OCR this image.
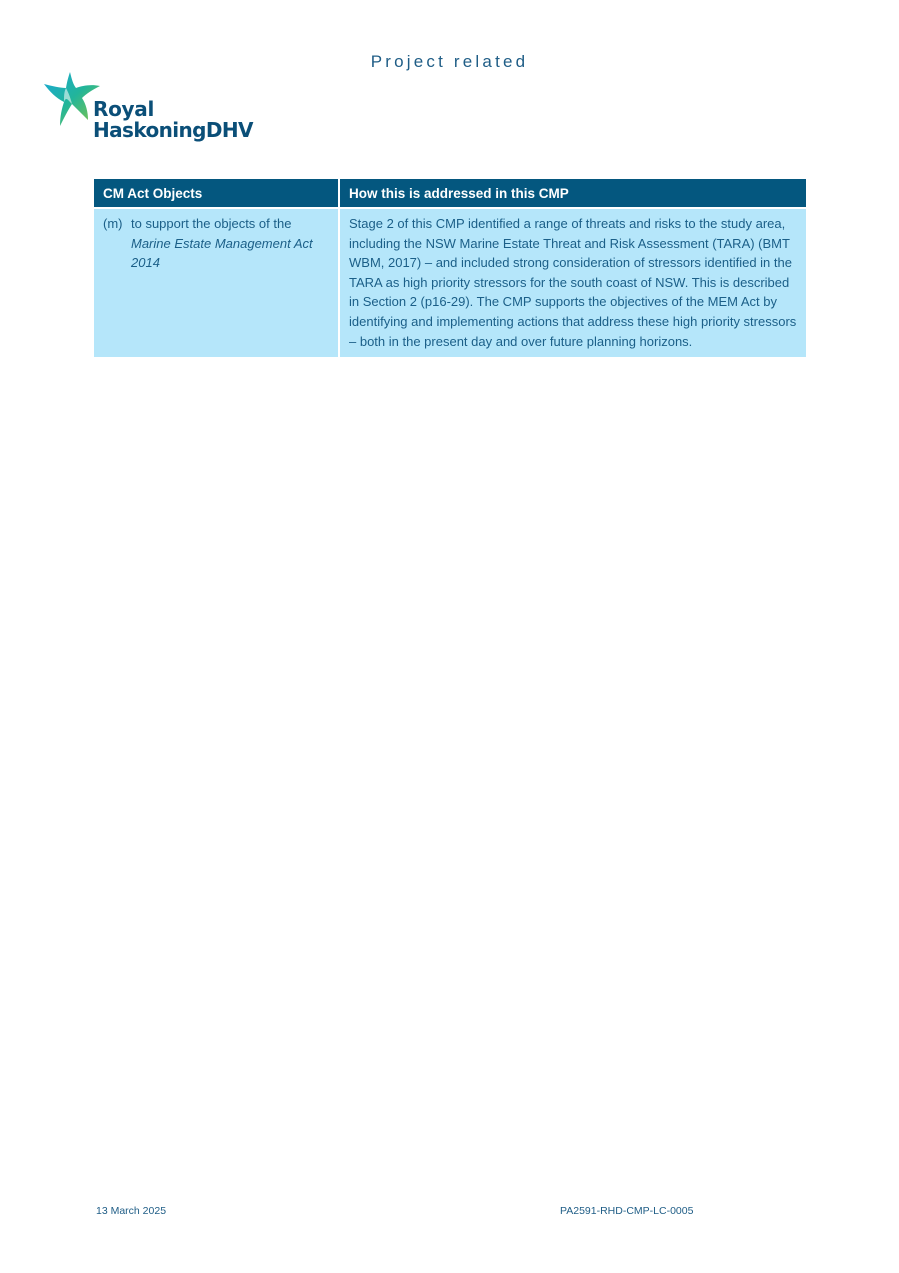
Project related
Royal
HaskoningDHV
CM Act Objects	How this is addressed in this CMP

(m) to support the objects of the Marine Estate Management Act 2014	Stage 2 of this CMP identified a range of threats and risks to the study area, including the NSW Marine Estate Threat and Risk Assessment (TARA) (BMT WBM, 2017) – and included strong consideration of stressors identified in the TARA as high priority stressors for the south coast of NSW. This is described in Section 2 (p16-29). The CMP supports the objectives of the MEM Act by identifying and implementing actions that address these high priority stressors – both in the present day and over future planning horizons.
13 March 2025	PA2591-RHD-CMP-LC-0005
